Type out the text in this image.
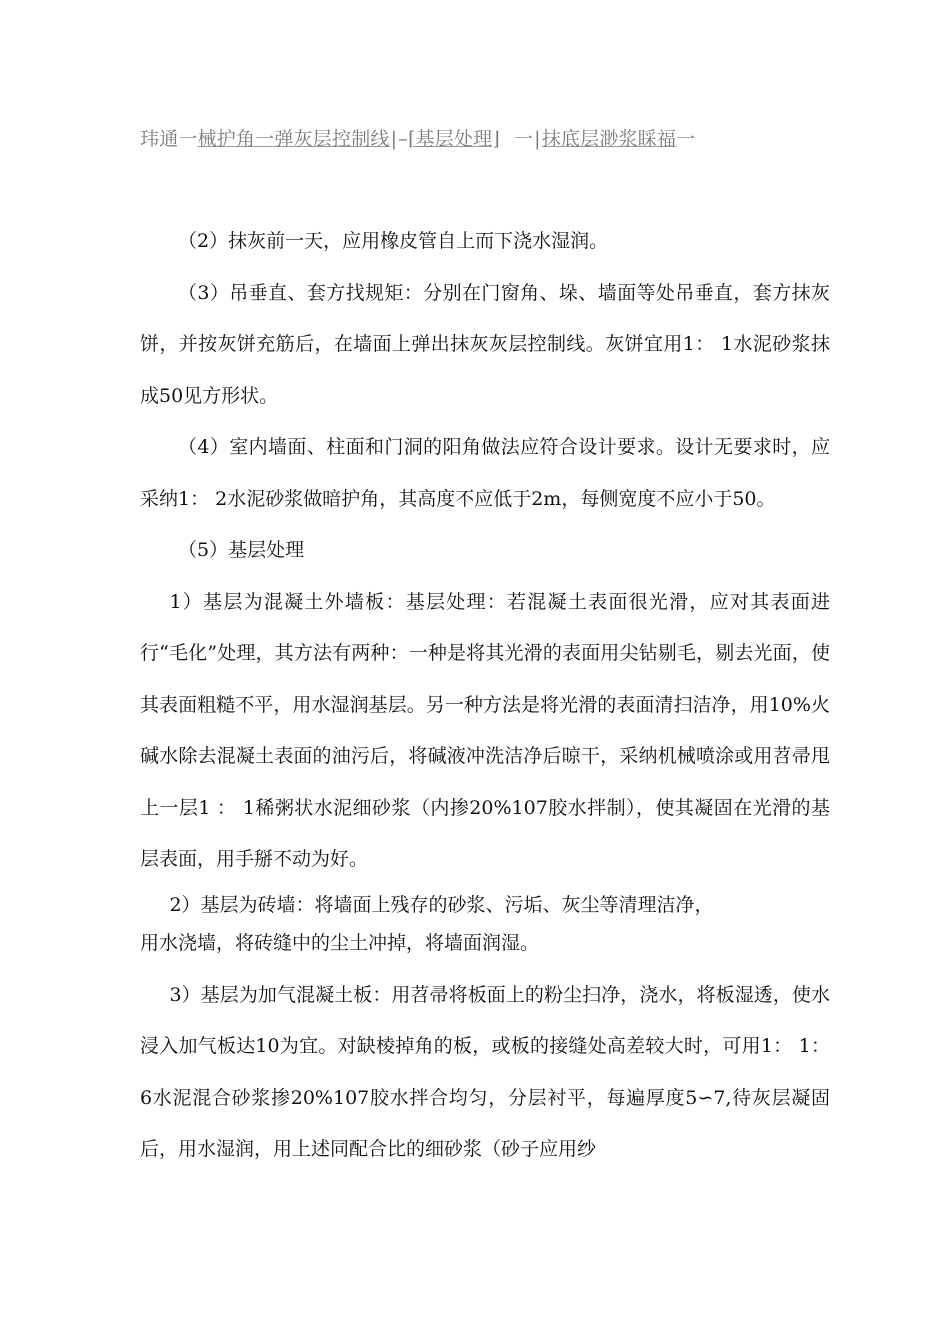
玮通一械护角一弹灰层控制线|–⌈基层处理⌋ 一|抹底层渺浆睬福一

（2）抹灰前一天，应用橡皮管自上而下浇水湿润。

（3）吊垂直、套方找规矩：分别在门窗角、垛、墙面等处吊垂直，套方抹灰饼，并按灰饼充筋后，在墙面上弹出抹灰灰层控制线。灰饼宜用1： 1水泥砂浆抹成50见方形状。

（4）室内墙面、柱面和门洞的阳角做法应符合设计要求。设计无要求时，应采纳1： 2水泥砂浆做暗护角，其高度不应低于2m，每侧宽度不应小于50。

（5）基层处理

1）基层为混凝土外墙板：基层处理：若混凝土表面很光滑，应对其表面进行“毛化”处理，其方法有两种：一种是将其光滑的表面用尖钻剔毛，剔去光面，使其表面粗糙不平，用水湿润基层。另一种方法是将光滑的表面清扫洁净，用10%火碱水除去混凝土表面的油污后，将碱液冲洗洁净后晾干，采纳机械喷涂或用苕帚甩上一层1 ： 1稀粥状水泥细砂浆（内掺20%107胶水拌制），使其凝固在光滑的基层表面，用手掰不动为好。

2）基层为砖墙：将墙面上残存的砂浆、污垢、灰尘等清理洁净，

用水浇墙，将砖缝中的尘土冲掉，将墙面润湿。

3）基层为加气混凝土板：用苕帚将板面上的粉尘扫净，浇水，将板湿透，使水浸入加气板达10为宜。对缺棱掉角的板，或板的接缝处高差较大时，可用1： 1：6水泥混合砂浆掺20%107胶水拌合均匀，分层衬平，每遍厚度5∽7,待灰层凝固后，用水湿润，用上述同配合比的细砂浆（砂子应用纱
